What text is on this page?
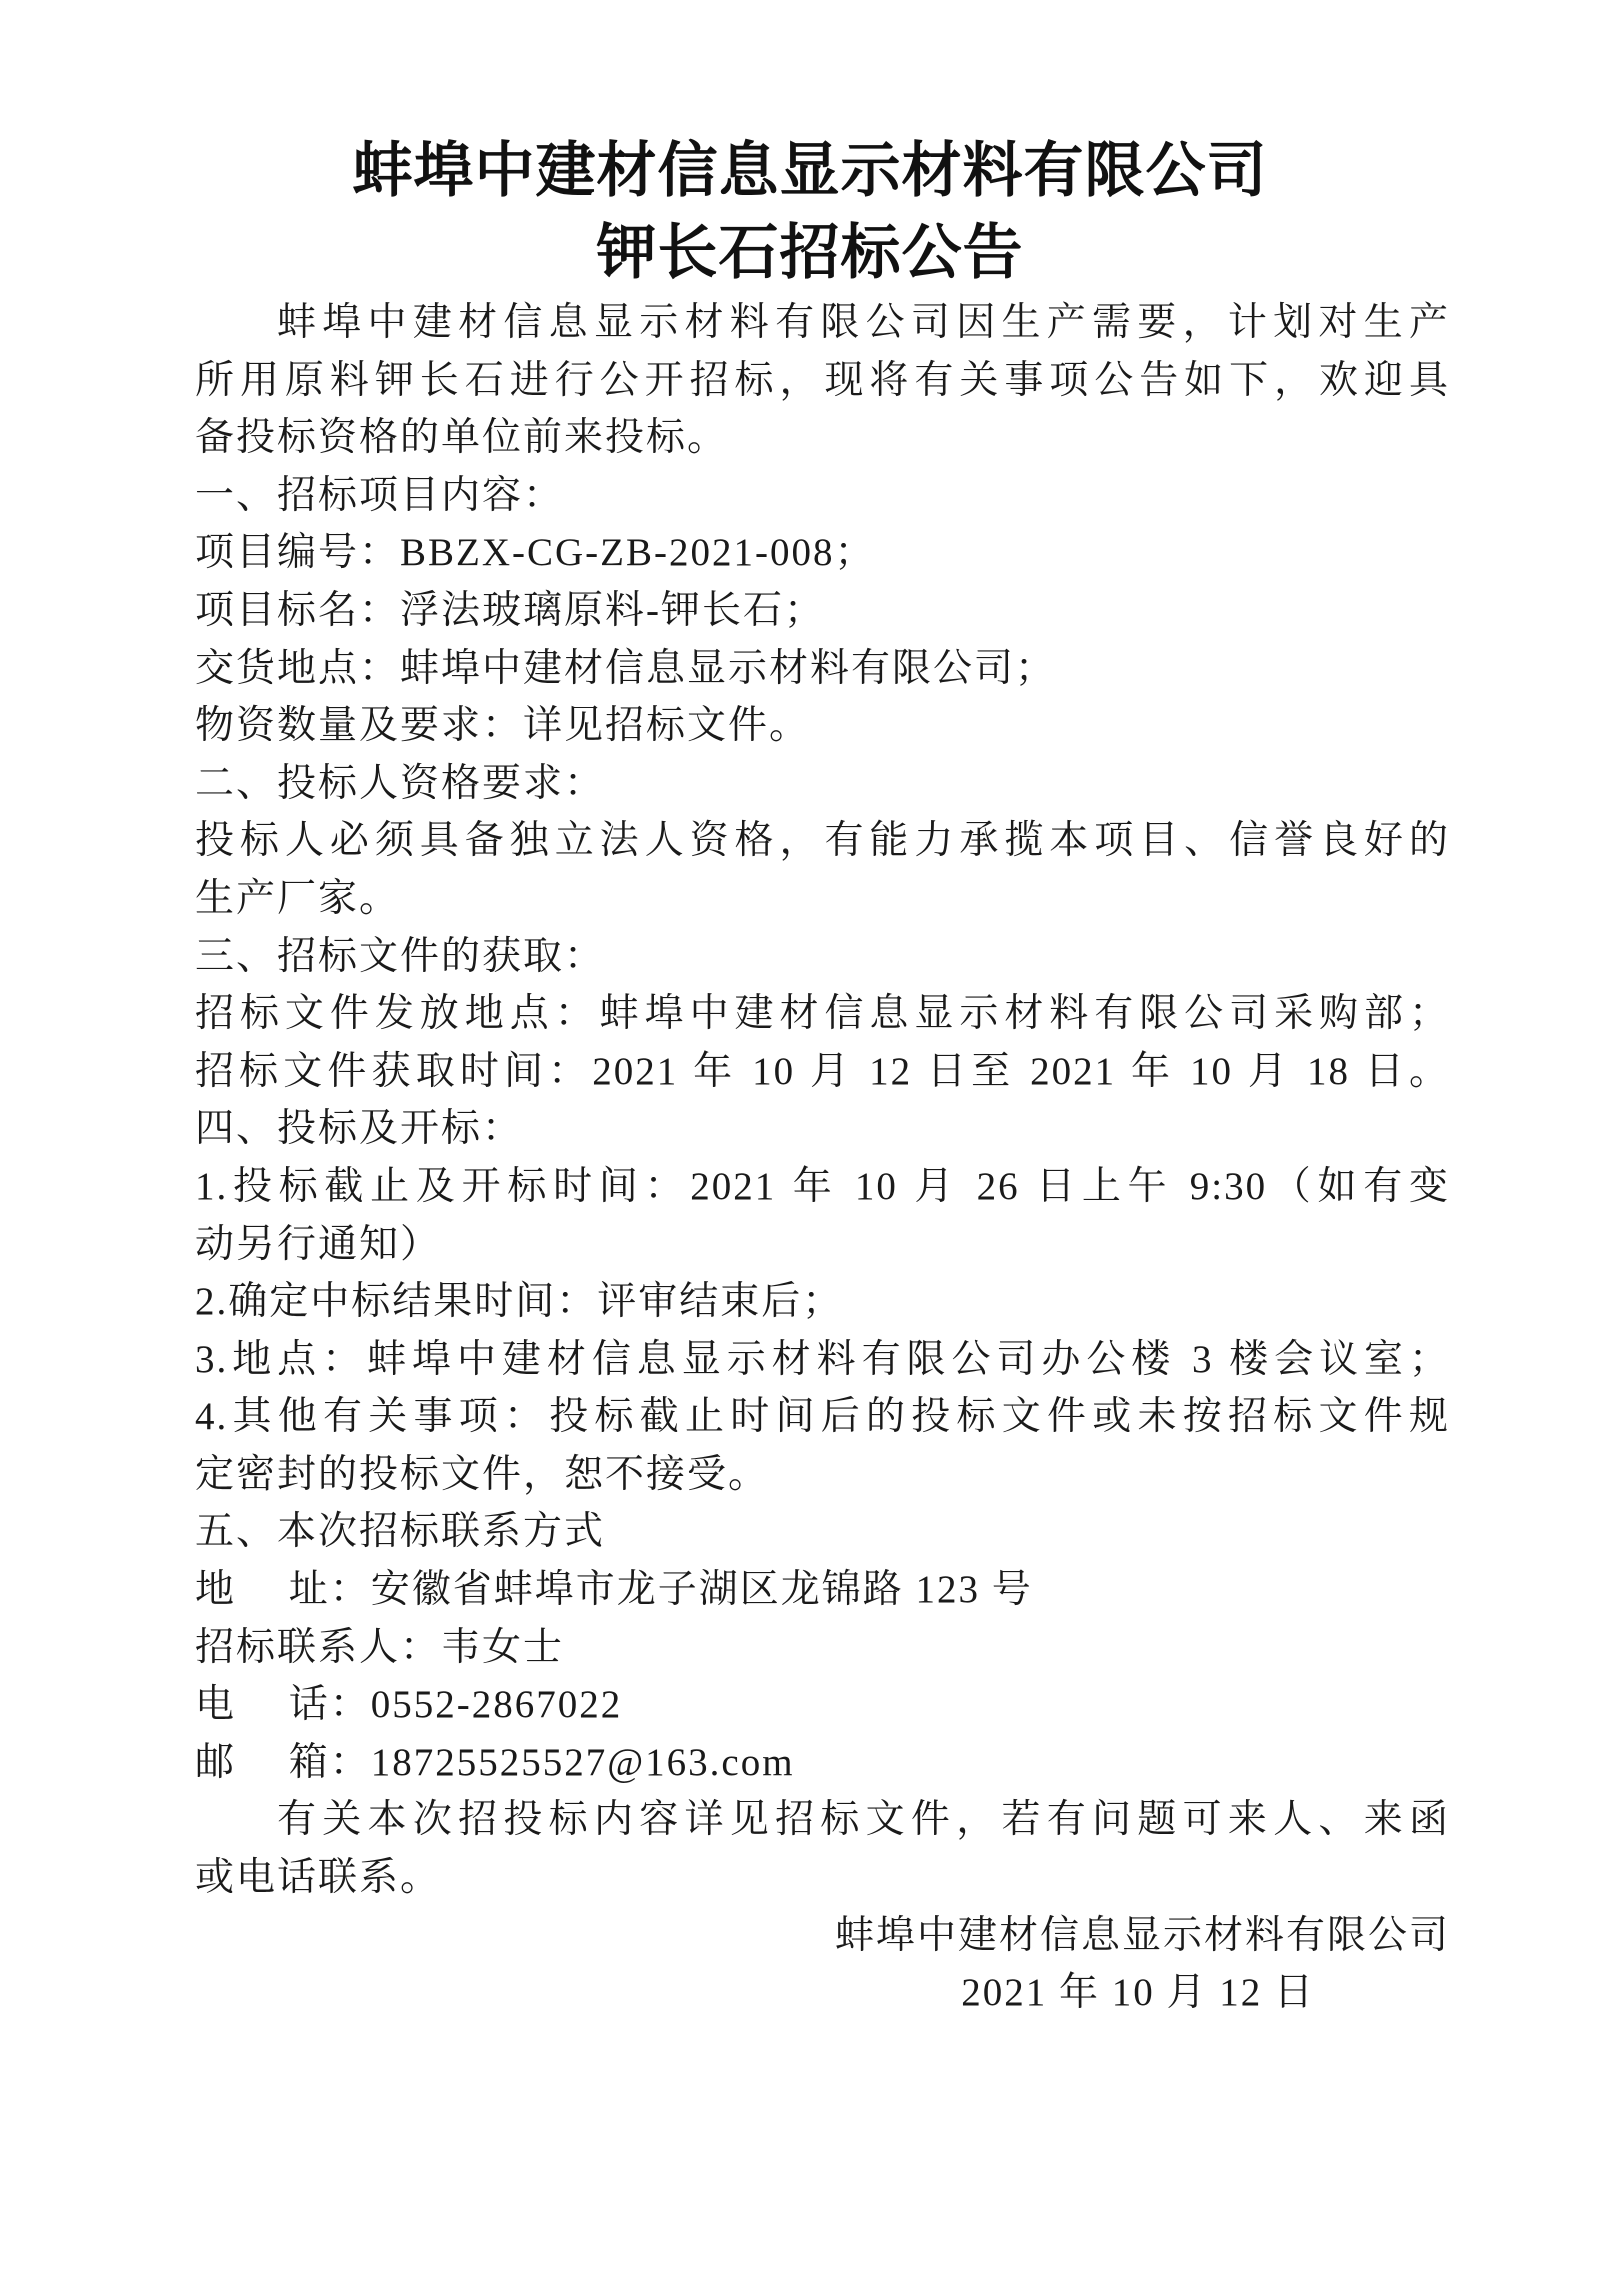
蚌埠中建材信息显示材料有限公司
钾长石招标公告
蚌埠中建材信息显示材料有限公司因生产需要，计划对生产
所用原料钾长石进行公开招标，现将有关事项公告如下，欢迎具
备投标资格的单位前来投标。
一、招标项目内容：
项目编号：BBZX-CG-ZB-2021-008；
项目标名：浮法玻璃原料-钾长石；
交货地点：蚌埠中建材信息显示材料有限公司；
物资数量及要求：详见招标文件。
二、投标人资格要求：
投标人必须具备独立法人资格，有能力承揽本项目、信誉良好的
生产厂家。
三、招标文件的获取：
招标文件发放地点：蚌埠中建材信息显示材料有限公司采购部；
招标文件获取时间：2021 年 10 月 12 日至 2021 年 10 月 18 日。
四、投标及开标：
1.投标截止及开标时间：2021 年 10 月 26 日上午 9:30（如有变
动另行通知）
2.确定中标结果时间：评审结束后；
3.地点：蚌埠中建材信息显示材料有限公司办公楼 3 楼会议室；
4.其他有关事项：投标截止时间后的投标文件或未按招标文件规
定密封的投标文件，恕不接受。
五、本次招标联系方式
地　 址：安徽省蚌埠市龙子湖区龙锦路 123 号
招标联系人：韦女士
电　 话：0552-2867022
邮　 箱：18725525527@163.com
有关本次招投标内容详见招标文件，若有问题可来人、来函
或电话联系。
蚌埠中建材信息显示材料有限公司
2021 年 10 月 12 日
